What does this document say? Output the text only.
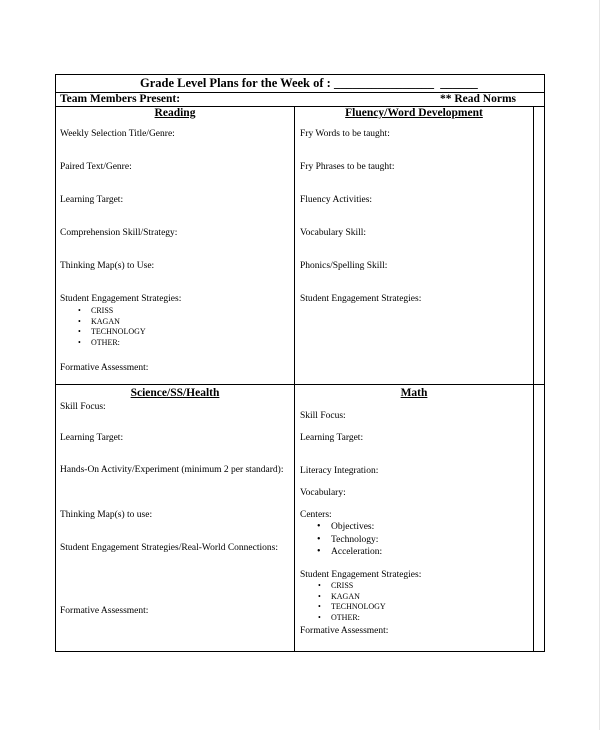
Grade Level Plans for the Week of : ________________  ______
Team Members Present:	** Read Norms
Reading
Weekly Selection Title/Genre:
Paired Text/Genre:
Learning Target:
Comprehension Skill/Strategy:
Thinking Map(s) to Use:
Student Engagement Strategies:
• CRISS
• KAGAN
• TECHNOLOGY
• OTHER:
Formative Assessment:
Fluency/Word Development
Fry Words to be taught:
Fry Phrases to be taught:
Fluency Activities:
Vocabulary Skill:
Phonics/Spelling Skill:
Student Engagement Strategies:
Science/SS/Health
Skill Focus:
Learning Target:
Hands-On Activity/Experiment (minimum 2 per standard):
Thinking Map(s) to use:
Student Engagement Strategies/Real-World Connections:
Formative Assessment:
Math
Skill Focus:
Learning Target:
Literacy Integration:
Vocabulary:
Centers:
• Objectives:
• Technology:
• Acceleration:
Student Engagement Strategies:
• CRISS
• KAGAN
• TECHNOLOGY
• OTHER:
Formative Assessment:
